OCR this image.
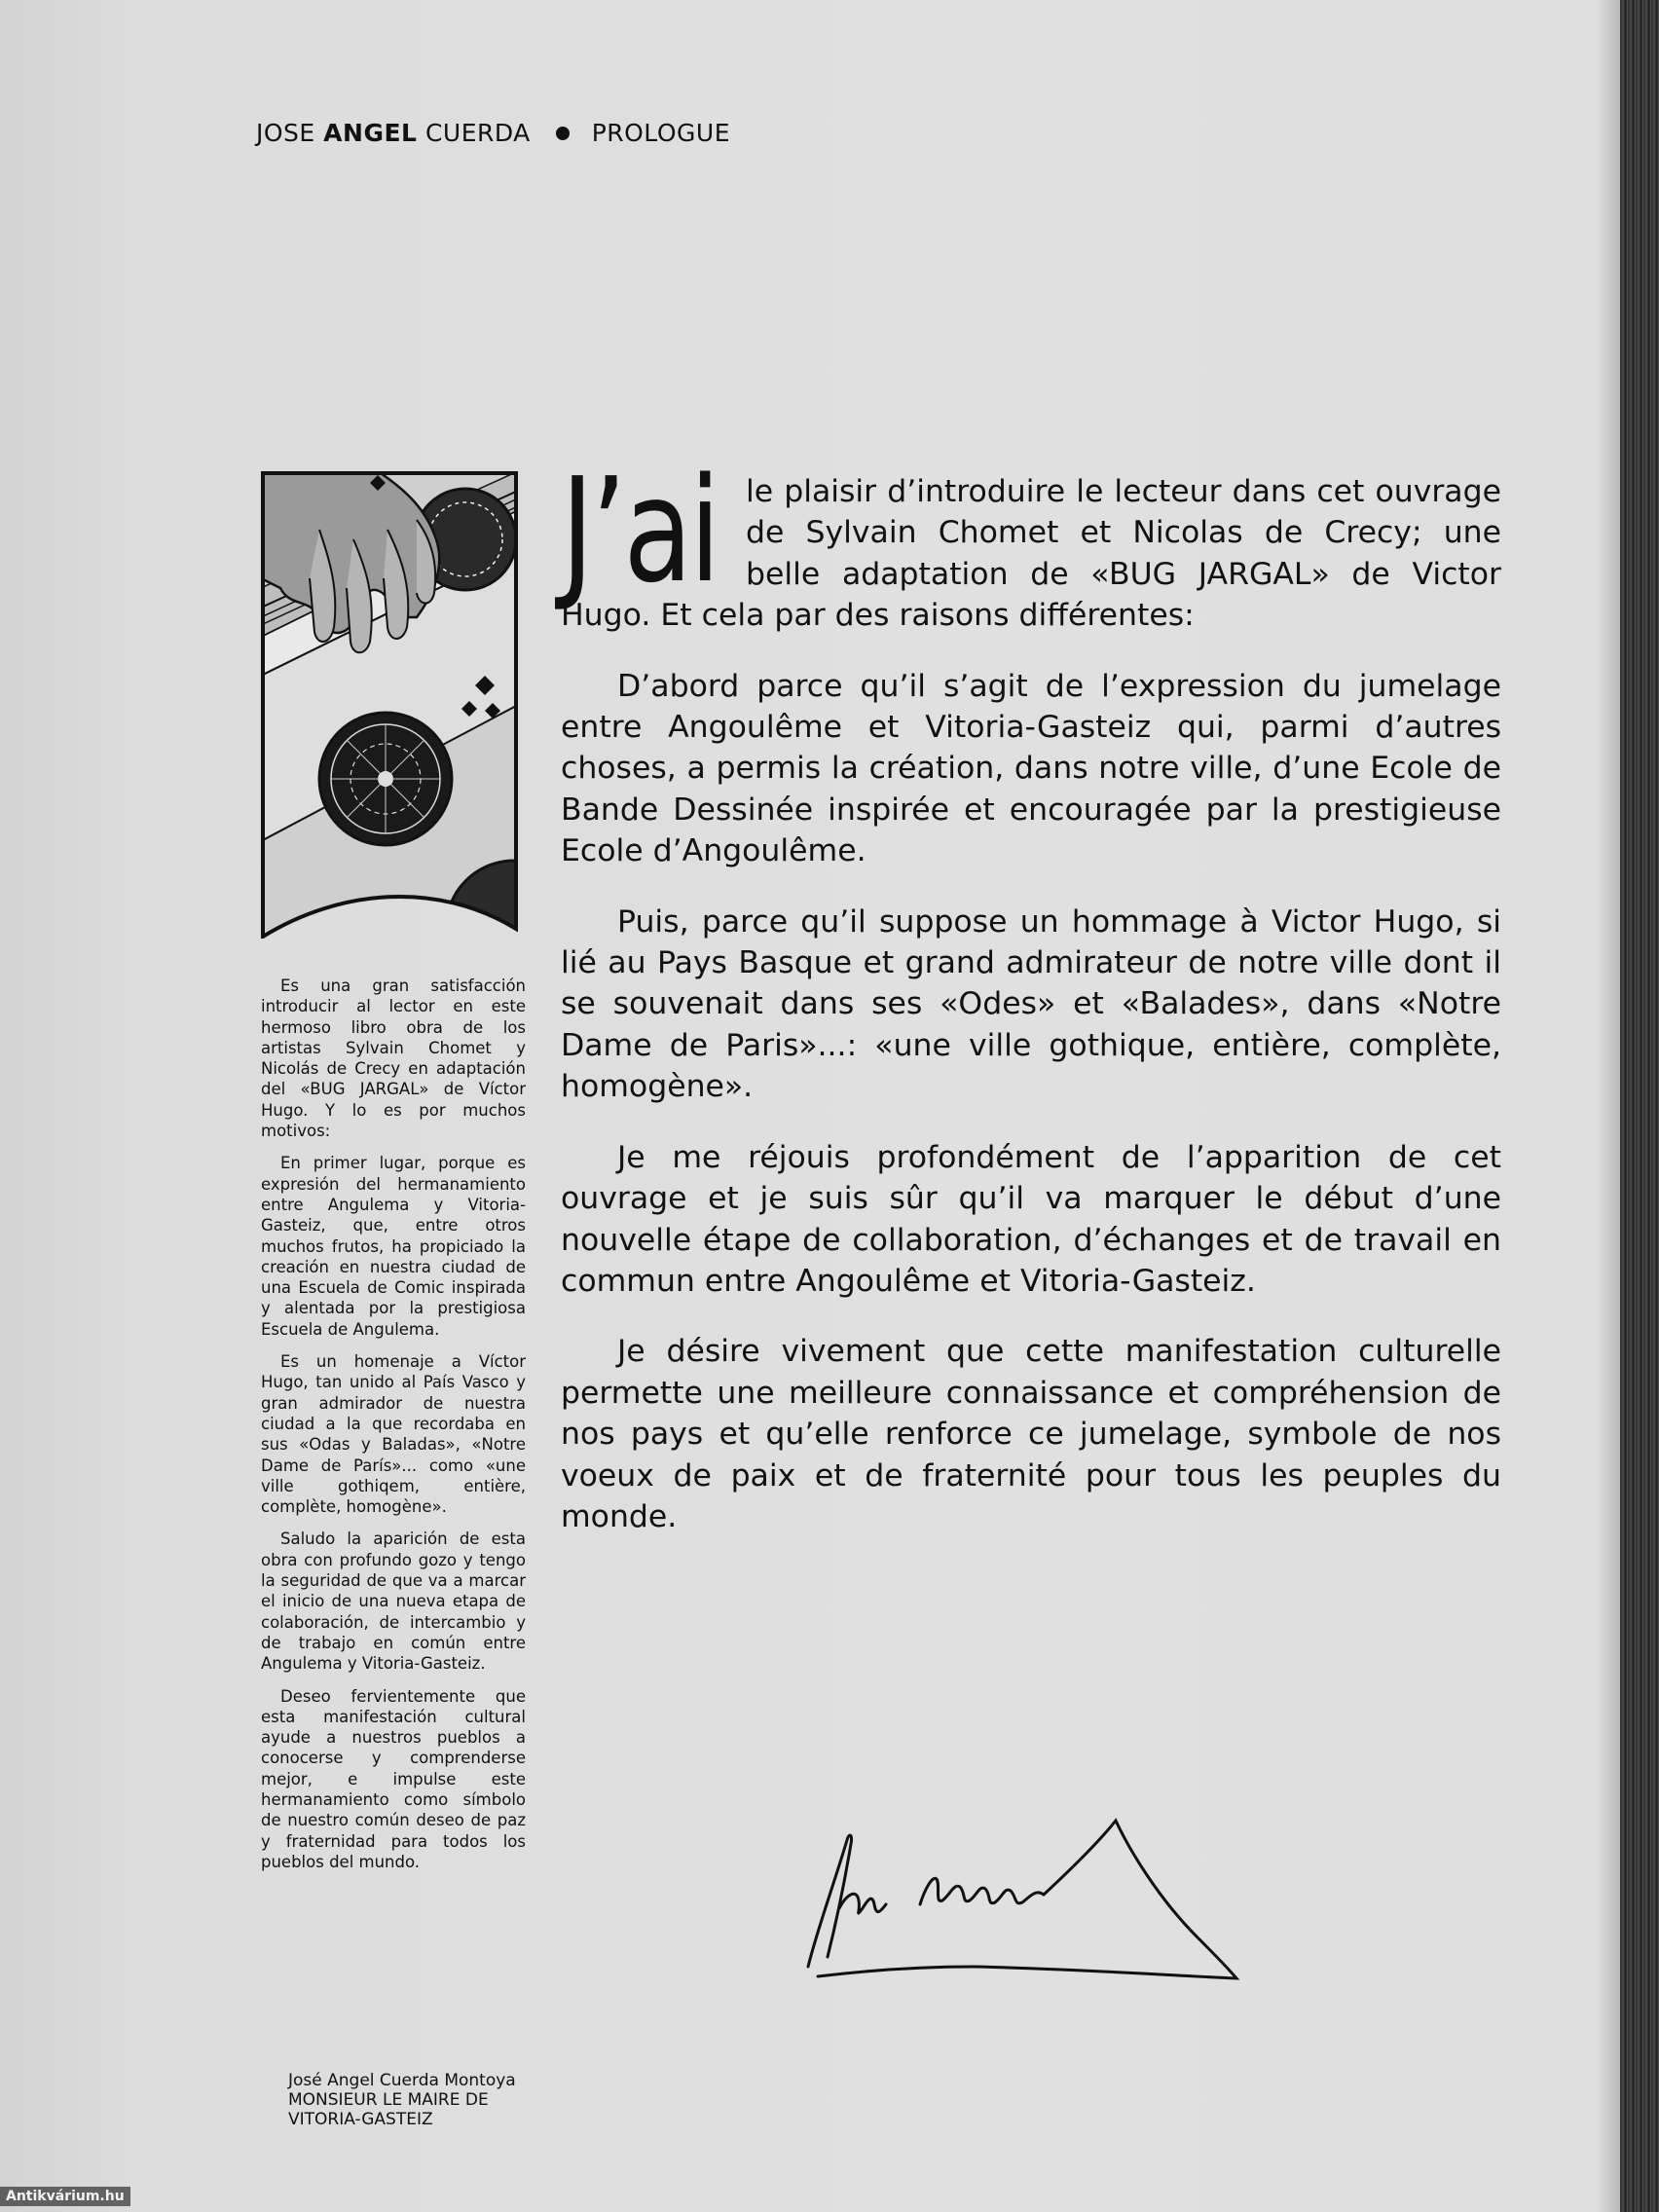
JOSE ANGEL CUERDA	PROLOGUE

Es una gran satisfacción introducir al lector en este hermoso libro obra de los artistas Sylvain Chomet y Nicolás de Crecy en adaptación del «BUG JARGAL» de Víctor Hugo. Y lo es por muchos motivos:

En primer lugar, porque es expresión del hermanamiento entre Angulema y Vitoria-Gasteiz, que, entre otros muchos frutos, ha propiciado la creación en nuestra ciudad de una Escuela de Comic inspirada y alentada por la prestigiosa Escuela de Angulema.

Es un homenaje a Víctor Hugo, tan unido al País Vasco y gran admirador de nuestra ciudad a la que recordaba en sus «Odas y Baladas», «Notre Dame de París»... como «une ville gothiqem, entière, complète, homogène».

Saludo la aparición de esta obra con profundo gozo y tengo la seguridad de que va a marcar el inicio de una nueva etapa de colaboración, de intercambio y de trabajo en común entre Angulema y Vitoria-Gasteiz.

Deseo fervientemente que esta manifestación cultural ayude a nuestros pueblos a conocerse y comprenderse mejor, e impulse este hermanamiento como símbolo de nuestro común deseo de paz y fraternidad para todos los pueblos del mundo.

J’ai le plaisir d’introduire le lecteur dans cet ouvrage de Sylvain Chomet et Nicolas de Crecy; une belle adaptation de «BUG JARGAL» de Victor Hugo. Et cela par des raisons différentes:

D’abord parce qu’il s’agit de l’expression du jumelage entre Angoulême et Vitoria-Gasteiz qui, parmi d’autres choses, a permis la création, dans notre ville, d’une Ecole de Bande Dessinée inspirée et encouragée par la prestigieuse Ecole d’Angoulême.

Puis, parce qu’il suppose un hommage à Victor Hugo, si lié au Pays Basque et grand admirateur de notre ville dont il se souvenait dans ses «Odes» et «Balades», dans «Notre Dame de Paris»...: «une ville gothique, entière, complète, homogène».

Je me réjouis profondément de l’apparition de cet ouvrage et je suis sûr qu’il va marquer le début d’une nouvelle étape de collaboration, d’échanges et de travail en commun entre Angoulême et Vitoria-Gasteiz.

Je désire vivement que cette manifestation culturelle permette une meilleure connaissance et compréhension de nos pays et qu’elle renforce ce jumelage, symbole de nos voeux de paix et de fraternité pour tous les peuples du monde.

José Angel Cuerda Montoya
MONSIEUR LE MAIRE DE
VITORIA-GASTEIZ
Antikvárium.hu
